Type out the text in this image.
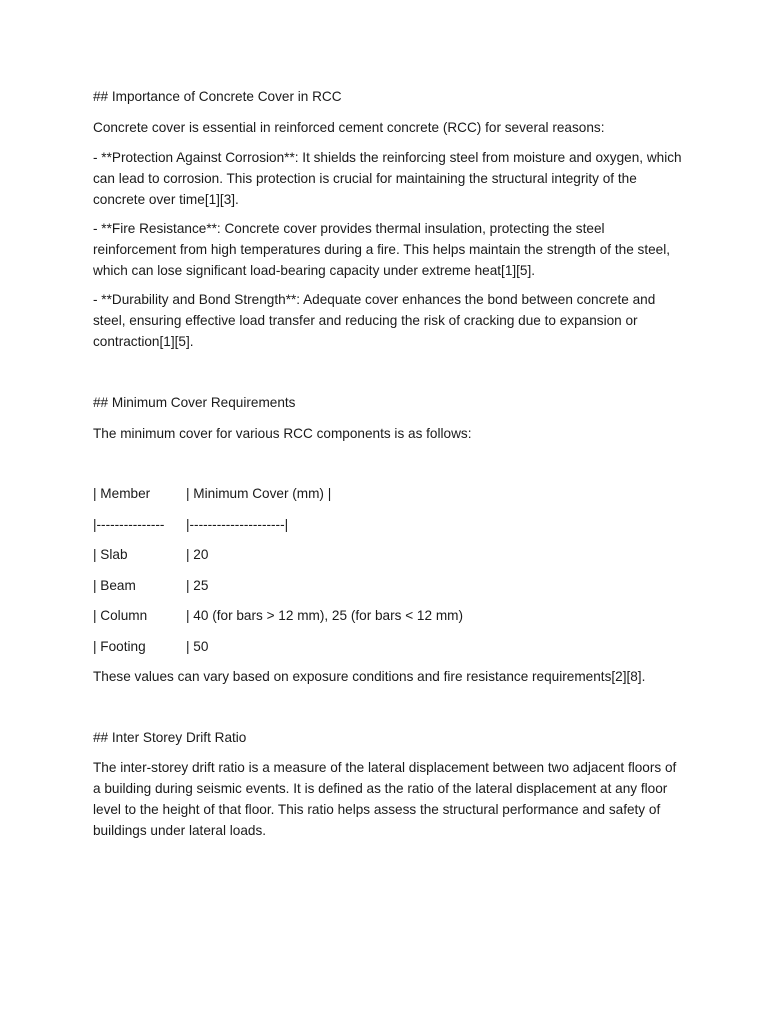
## Importance of Concrete Cover in RCC

Concrete cover is essential in reinforced cement concrete (RCC) for several reasons:

- **Protection Against Corrosion**: It shields the reinforcing steel from moisture and oxygen, which can lead to corrosion. This protection is crucial for maintaining the structural integrity of the concrete over time[1][3].

- **Fire Resistance**: Concrete cover provides thermal insulation, protecting the steel reinforcement from high temperatures during a fire. This helps maintain the strength of the steel, which can lose significant load-bearing capacity under extreme heat[1][5].

- **Durability and Bond Strength**: Adequate cover enhances the bond between concrete and steel, ensuring effective load transfer and reducing the risk of cracking due to expansion or contraction[1][5].

## Minimum Cover Requirements

The minimum cover for various RCC components is as follows:

| Member	| Minimum Cover (mm) |
|--------------- |---------------------|
| Slab	| 20
| Beam	| 25
| Column	| 40 (for bars > 12 mm), 25 (for bars < 12 mm)
| Footing	| 50

These values can vary based on exposure conditions and fire resistance requirements[2][8].

## Inter Storey Drift Ratio

The inter-storey drift ratio is a measure of the lateral displacement between two adjacent floors of a building during seismic events. It is defined as the ratio of the lateral displacement at any floor level to the height of that floor. This ratio helps assess the structural performance and safety of buildings under lateral loads.
